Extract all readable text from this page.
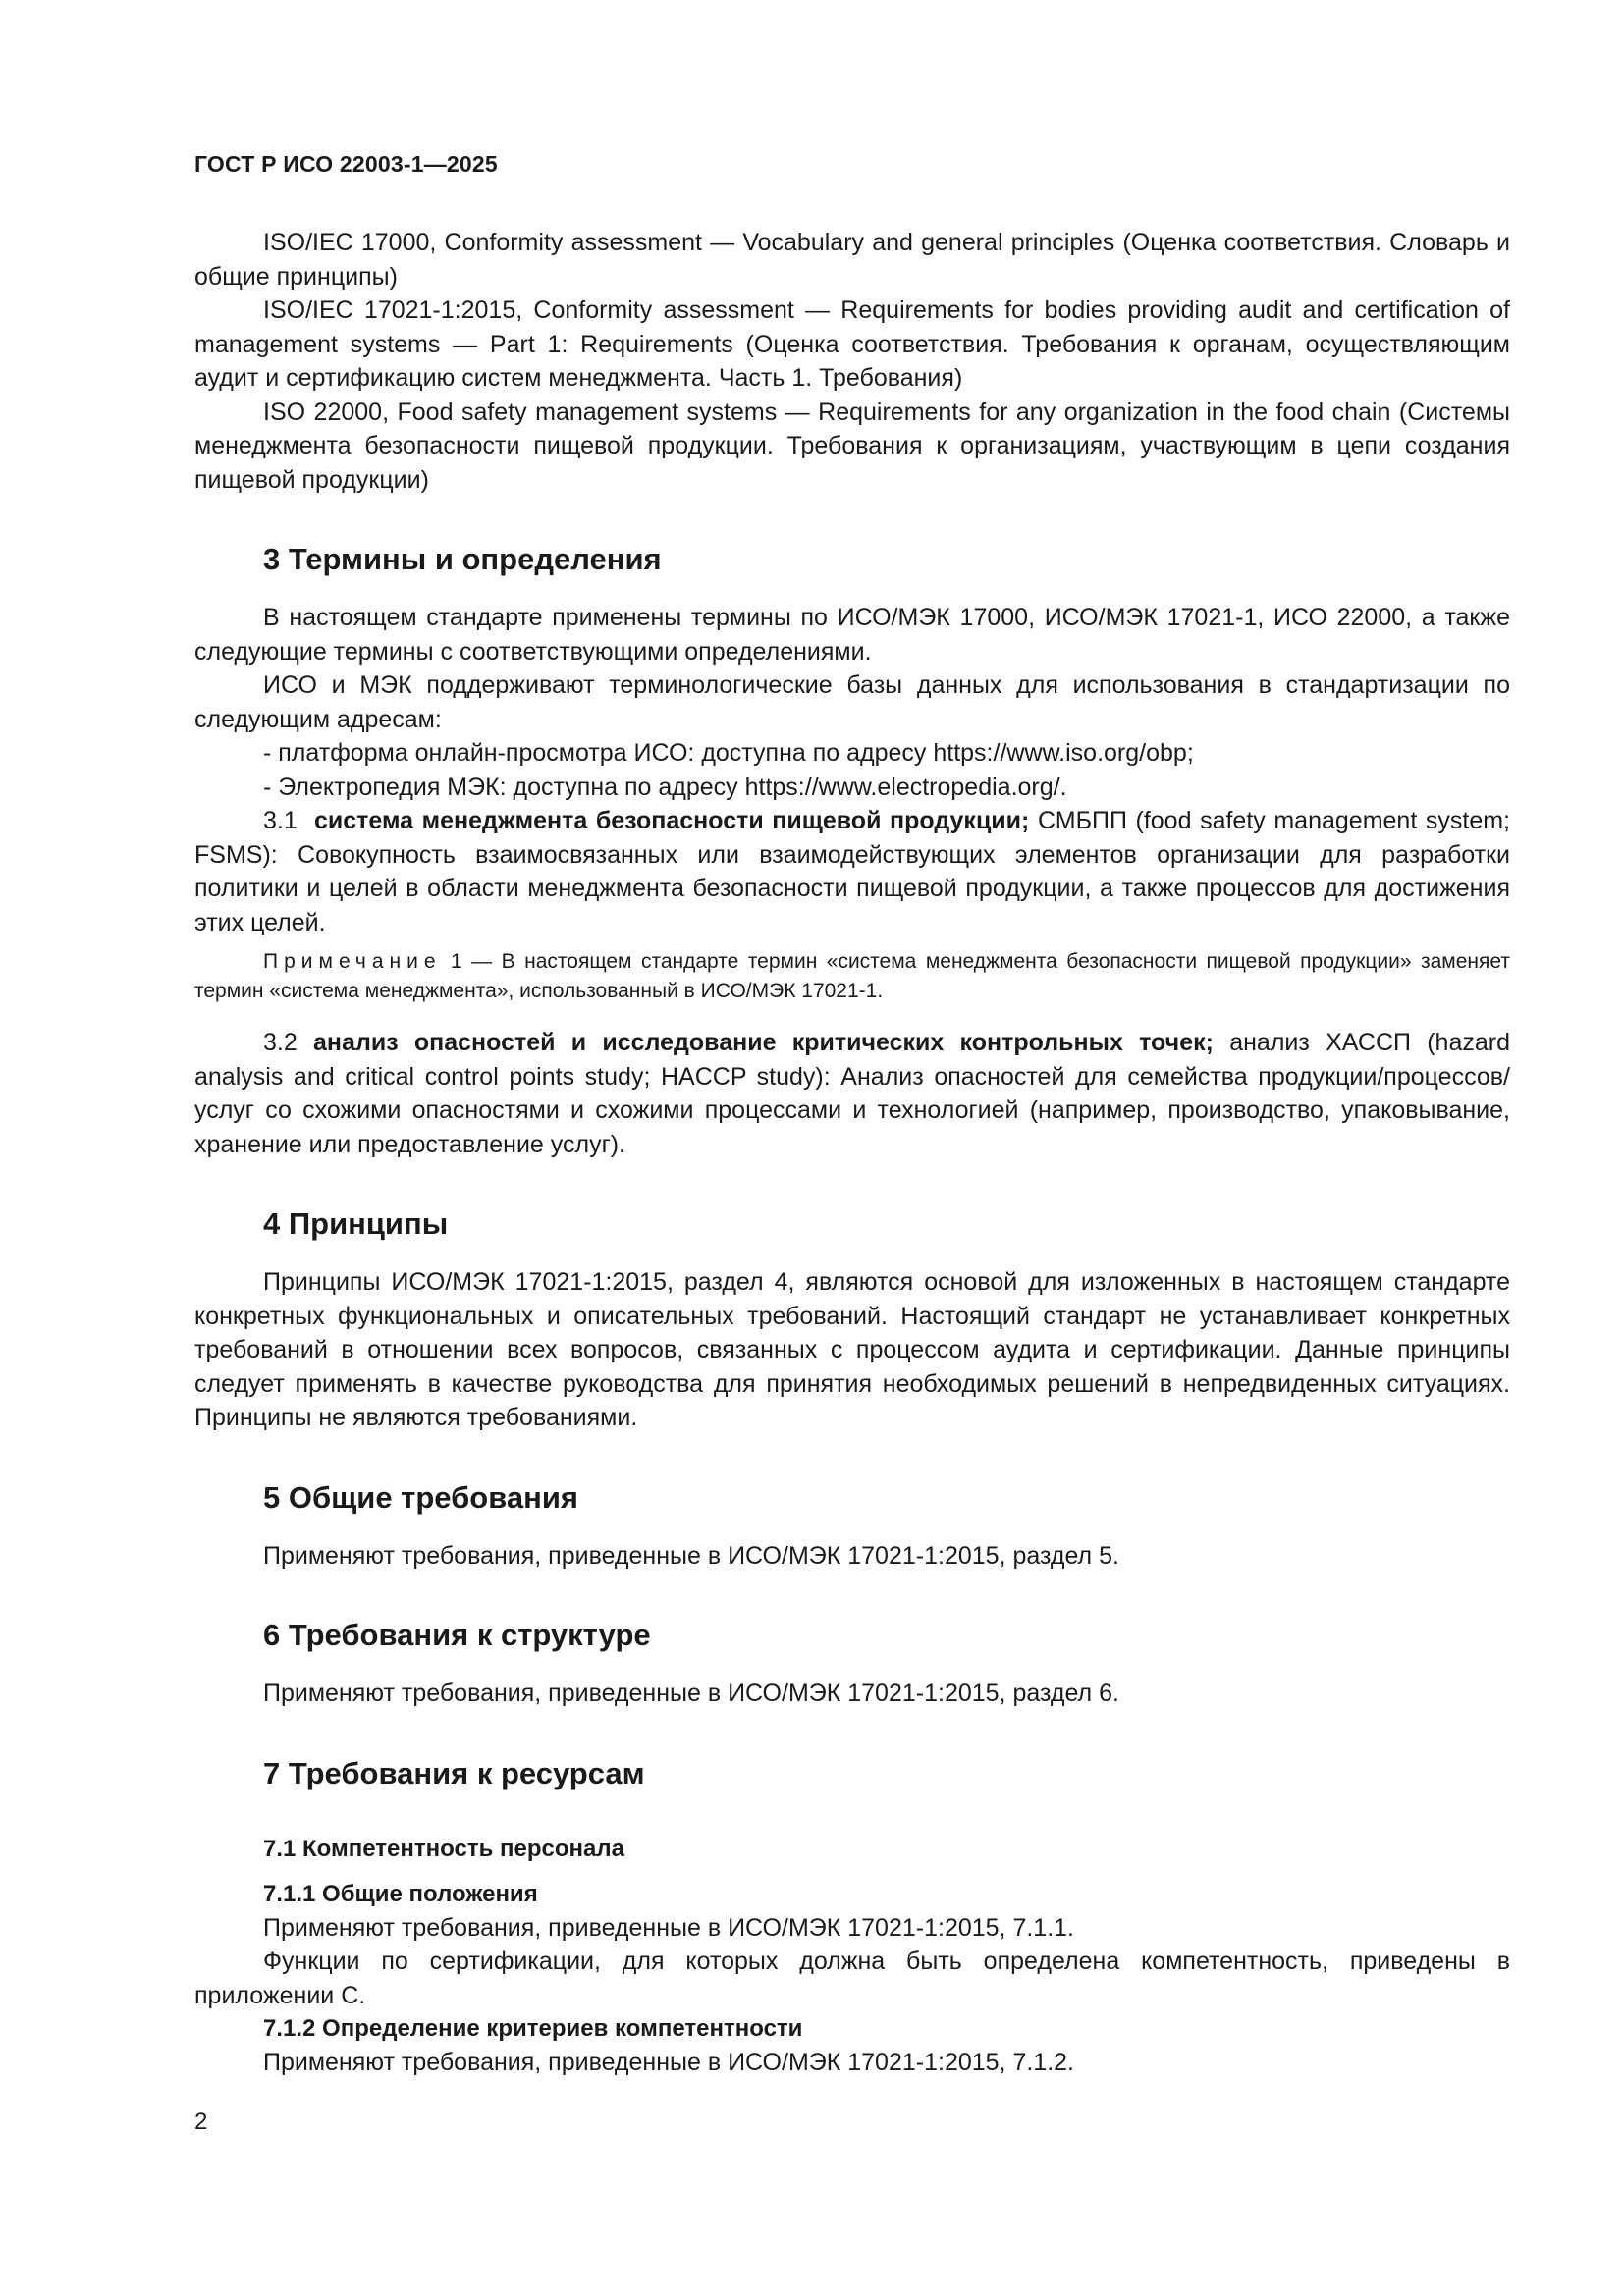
ГОСТ Р ИСО 22003-1—2025

ISO/IEC 17000, Conformity assessment — Vocabulary and general principles (Оценка соответствия. Словарь и общие принципы)

ISO/IEC 17021-1:2015, Conformity assessment — Requirements for bodies providing audit and certification of management systems — Part 1: Requirements (Оценка соответствия. Требования к органам, осуществляющим аудит и сертификацию систем менеджмента. Часть 1. Требования)

ISO 22000, Food safety management systems — Requirements for any organization in the food chain (Системы менеджмента безопасности пищевой продукции. Требования к организациям, участвующим в цепи создания пищевой продукции)

3 Термины и определения

В настоящем стандарте применены термины по ИСО/МЭК 17000, ИСО/МЭК 17021-1, ИСО 22000, а также следующие термины с соответствующими определениями.

ИСО и МЭК поддерживают терминологические базы данных для использования в стандартизации по следующим адресам:

- платформа онлайн-просмотра ИСО: доступна по адресу https://www.iso.org/obp;
- Электропедия МЭК: доступна по адресу https://www.electropedia.org/.

3.1 система менеджмента безопасности пищевой продукции; СМБПП (food safety management system; FSMS): Совокупность взаимосвязанных или взаимодействующих элементов организации для разработки политики и целей в области менеджмента безопасности пищевой продукции, а также процессов для достижения этих целей.

Примечание 1 — В настоящем стандарте термин «система менеджмента безопасности пищевой продукции» заменяет термин «система менеджмента», использованный в ИСО/МЭК 17021-1.

3.2 анализ опасностей и исследование критических контрольных точек; анализ ХАССП (hazard analysis and critical control points study; HACCP study): Анализ опасностей для семейства продукции/процессов/услуг со схожими опасностями и схожими процессами и технологией (например, производство, упаковывание, хранение или предоставление услуг).

4 Принципы

Принципы ИСО/МЭК 17021-1:2015, раздел 4, являются основой для изложенных в настоящем стандарте конкретных функциональных и описательных требований. Настоящий стандарт не устанавливает конкретных требований в отношении всех вопросов, связанных с процессом аудита и сертификации. Данные принципы следует применять в качестве руководства для принятия необходимых решений в непредвиденных ситуациях. Принципы не являются требованиями.

5 Общие требования

Применяют требования, приведенные в ИСО/МЭК 17021-1:2015, раздел 5.

6 Требования к структуре

Применяют требования, приведенные в ИСО/МЭК 17021-1:2015, раздел 6.

7 Требования к ресурсам
7.1 Компетентность персонала
7.1.1 Общие положения

Применяют требования, приведенные в ИСО/МЭК 17021-1:2015, 7.1.1.

Функции по сертификации, для которых должна быть определена компетентность, приведены в приложении С.

7.1.2 Определение критериев компетентности

Применяют требования, приведенные в ИСО/МЭК 17021-1:2015, 7.1.2.

2
